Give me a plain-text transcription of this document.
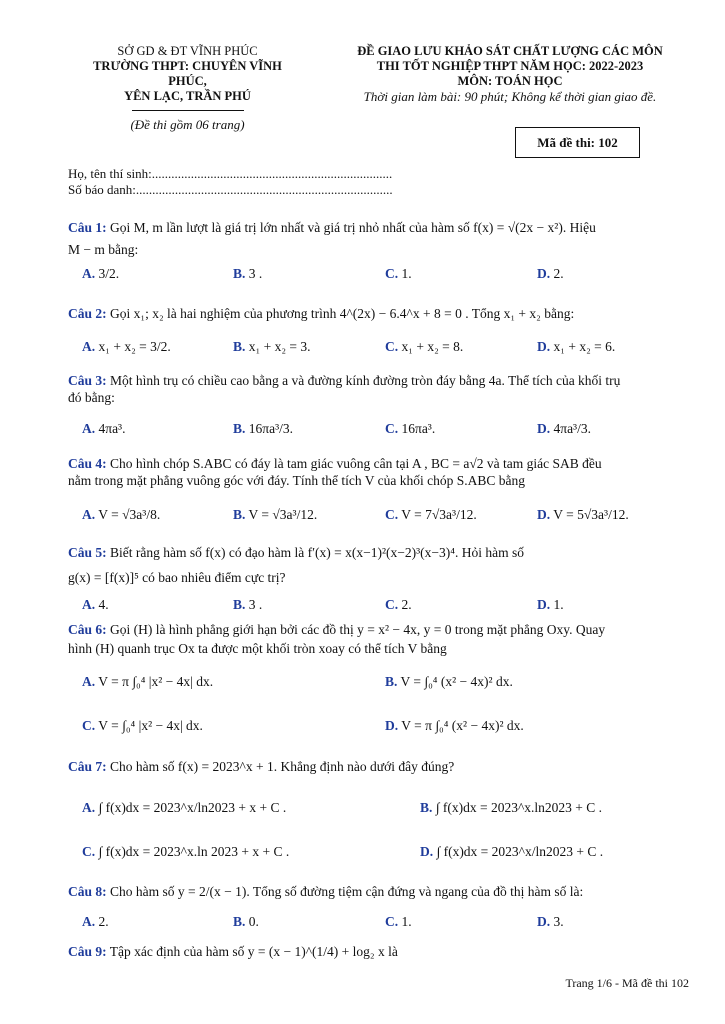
SỞ GD & ĐT VĨNH PHÚC
TRƯỜNG THPT: CHUYÊN VĨNH PHÚC,
YÊN LẠC, TRẦN PHÚ
(Đề thi gồm 06 trang)
ĐỀ GIAO LƯU KHẢO SÁT CHẤT LƯỢNG CÁC MÔN
THI TỐT NGHIỆP THPT NĂM HỌC: 2022-2023
MÔN: TOÁN HỌC
Thời gian làm bài: 90 phút; Không kể thời gian giao đề.
Mã đề thi: 102
Họ, tên thí sinh:..........................................................................
Số báo danh:...............................................................................
Câu 1: Gọi M, m lần lượt là giá trị lớn nhất và giá trị nhỏ nhất của hàm số f(x) = √(2x − x²). Hiệu
M − m bằng:
A. 3/2.	B. 3 .	C. 1.	D. 2.
Câu 2: Gọi x₁; x₂ là hai nghiệm của phương trình 4^(2x) − 6.4^x + 8 = 0 . Tổng x₁ + x₂ bằng:
A. x₁ + x₂ = 3/2.	B. x₁ + x₂ = 3.	C. x₁ + x₂ = 8.	D. x₁ + x₂ = 6.
Câu 3: Một hình trụ có chiều cao bằng a và đường kính đường tròn đáy bằng 4a. Thể tích của khối trụ
đó bằng:
A. 4πa³.	B. 16πa³/3.	C. 16πa³.	D. 4πa³/3.
Câu 4: Cho hình chóp S.ABC có đáy là tam giác vuông cân tại A , BC = a√2 và tam giác SAB đều
nằm trong mặt phẳng vuông góc với đáy. Tính thể tích V của khối chóp S.ABC bằng
A. V = √3a³/8.	B. V = √3a³/12.	C. V = 7√3a³/12.	D. V = 5√3a³/12.
Câu 5: Biết rằng hàm số f(x) có đạo hàm là f′(x) = x(x−1)²(x−2)³(x−3)⁴. Hỏi hàm số
g(x) = [f(x)]⁵ có bao nhiêu điểm cực trị?
A. 4.	B. 3 .	C. 2.	D. 1.
Câu 6: Gọi (H) là hình phẳng giới hạn bởi các đồ thị y = x² − 4x, y = 0 trong mặt phẳng Oxy. Quay
hình (H) quanh trục Ox ta được một khối tròn xoay có thể tích V bằng
A. V = π ∫₀⁴ |x² − 4x| dx.	B. V = ∫₀⁴ (x² − 4x)² dx.
C. V = ∫₀⁴ |x² − 4x| dx.	D. V = π ∫₀⁴ (x² − 4x)² dx.
Câu 7: Cho hàm số f(x) = 2023^x + 1. Khẳng định nào dưới đây đúng?
A. ∫ f(x)dx = 2023^x/ln2023 + x + C .	B. ∫ f(x)dx = 2023^x.ln2023 + C .
C. ∫ f(x)dx = 2023^x.ln 2023 + x + C .	D. ∫ f(x)dx = 2023^x/ln2023 + C .
Câu 8: Cho hàm số y = 2/(x − 1). Tổng số đường tiệm cận đứng và ngang của đồ thị hàm số là:
A. 2.	B. 0.	C. 1.	D. 3.
Câu 9: Tập xác định của hàm số y = (x − 1)^(1/4) + log₂ x là
Trang 1/6 - Mã đề thi 102
